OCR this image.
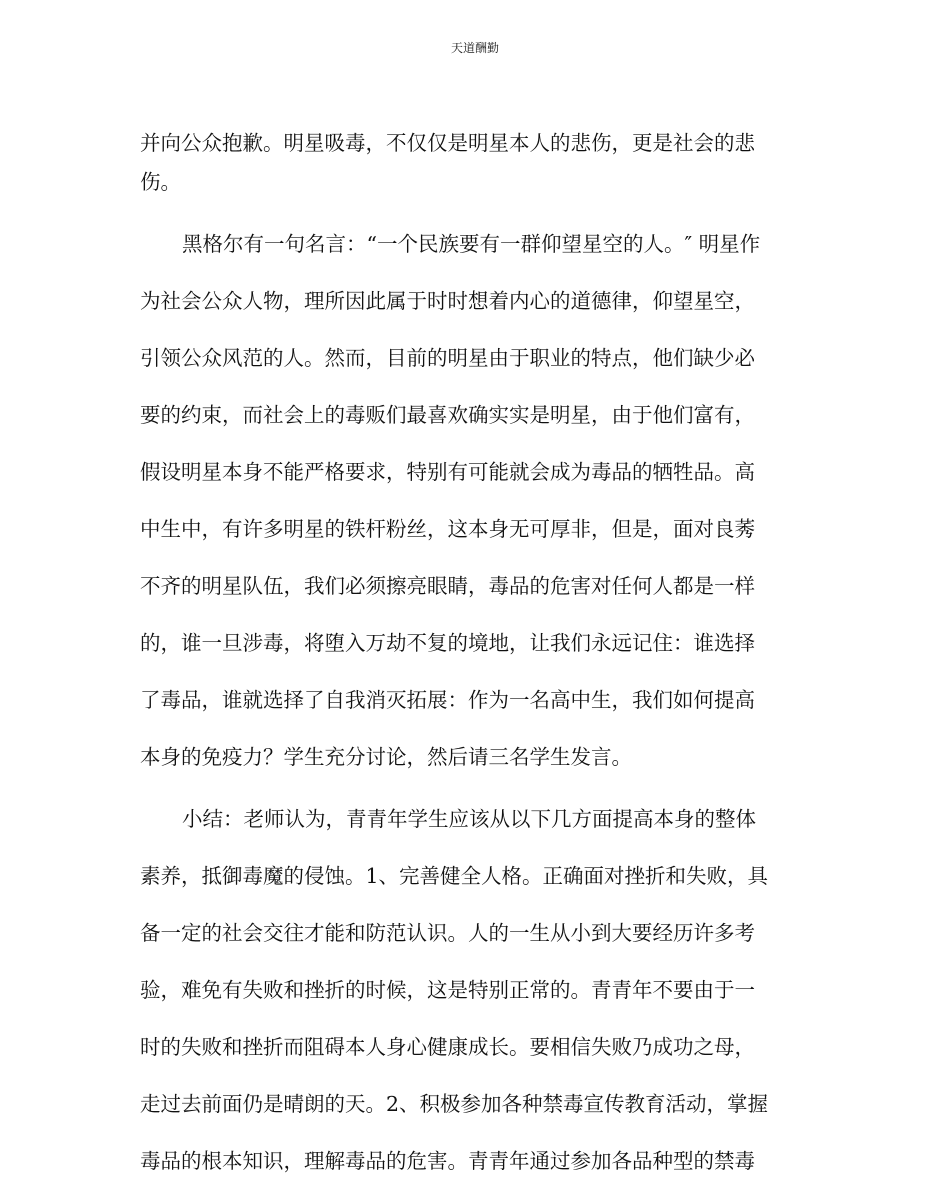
天道酬勤
并向公众抱歉。明星吸毒，不仅仅是明星本人的悲伤，更是社会的悲
伤。
黑格尔有一句名言：“一个民族要有一群仰望星空的人。″ 明星作
为社会公众人物，理所因此属于时时想着内心的道德律，仰望星空，
引领公众风范的人。然而，目前的明星由于职业的特点，他们缺少必
要的约束，而社会上的毒贩们最喜欢确实实是明星，由于他们富有，
假设明星本身不能严格要求，特别有可能就会成为毒品的牺牲品。高
中生中，有许多明星的铁杆粉丝，这本身无可厚非，但是，面对良莠
不齐的明星队伍，我们必须擦亮眼睛，毒品的危害对任何人都是一样
的，谁一旦涉毒，将堕入万劫不复的境地，让我们永远记住：谁选择
了毒品，谁就选择了自我消灭拓展：作为一名高中生，我们如何提高
本身的免疫力？学生充分讨论，然后请三名学生发言。
小结：老师认为，青青年学生应该从以下几方面提高本身的整体
素养，抵御毒魔的侵蚀。1、完善健全人格。正确面对挫折和失败，具
备一定的社会交往才能和防范认识。人的一生从小到大要经历许多考
验，难免有失败和挫折的时候，这是特别正常的。青青年不要由于一
时的失败和挫折而阻碍本人身心健康成长。要相信失败乃成功之母，
走过去前面仍是晴朗的天。2、积极参加各种禁毒宣传教育活动，掌握
毒品的根本知识，理解毒品的危害。青青年通过参加各品种型的禁毒
